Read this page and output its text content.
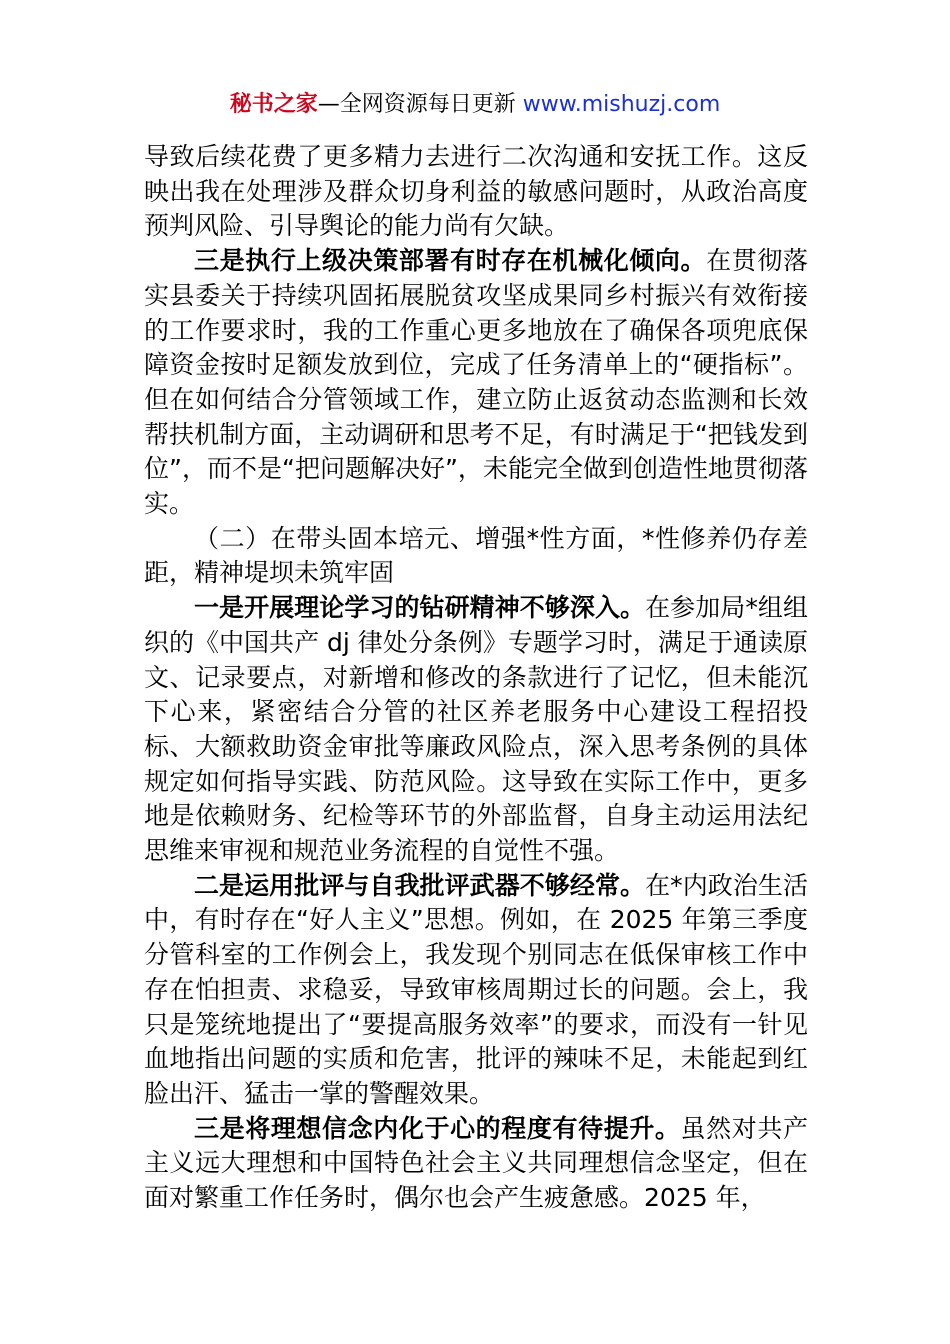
秘书之家—全网资源每日更新 www.mishuzj.com

导致后续花费了更多精力去进行二次沟通和安抚工作。这反映出我在处理涉及群众切身利益的敏感问题时，从政治高度预判风险、引导舆论的能力尚有欠缺。

三是执行上级决策部署有时存在机械化倾向。在贯彻落实县委关于持续巩固拓展脱贫攻坚成果同乡村振兴有效衔接的工作要求时，我的工作重心更多地放在了确保各项兜底保障资金按时足额发放到位，完成了任务清单上的“硬指标”。但在如何结合分管领域工作，建立防止返贫动态监测和长效帮扶机制方面，主动调研和思考不足，有时满足于“把钱发到位”，而不是“把问题解决好”，未能完全做到创造性地贯彻落实。

（二）在带头固本培元、增强*性方面，*性修养仍存差距，精神堤坝未筑牢固

一是开展理论学习的钻研精神不够深入。在参加局*组组织的《中国共产 dj 律处分条例》专题学习时，满足于通读原文、记录要点，对新增和修改的条款进行了记忆，但未能沉下心来，紧密结合分管的社区养老服务中心建设工程招投标、大额救助资金审批等廉政风险点，深入思考条例的具体规定如何指导实践、防范风险。这导致在实际工作中，更多地是依赖财务、纪检等环节的外部监督，自身主动运用法纪思维来审视和规范业务流程的自觉性不强。

二是运用批评与自我批评武器不够经常。在*内政治生活中，有时存在“好人主义”思想。例如，在 2025 年第三季度分管科室的工作例会上，我发现个别同志在低保审核工作中存在怕担责、求稳妥，导致审核周期过长的问题。会上，我只是笼统地提出了“要提高服务效率”的要求，而没有一针见血地指出问题的实质和危害，批评的辣味不足，未能起到红脸出汗、猛击一掌的警醒效果。

三是将理想信念内化于心的程度有待提升。虽然对共产主义远大理想和中国特色社会主义共同理想信念坚定，但在面对繁重工作任务时，偶尔也会产生疲惫感。2025 年，
